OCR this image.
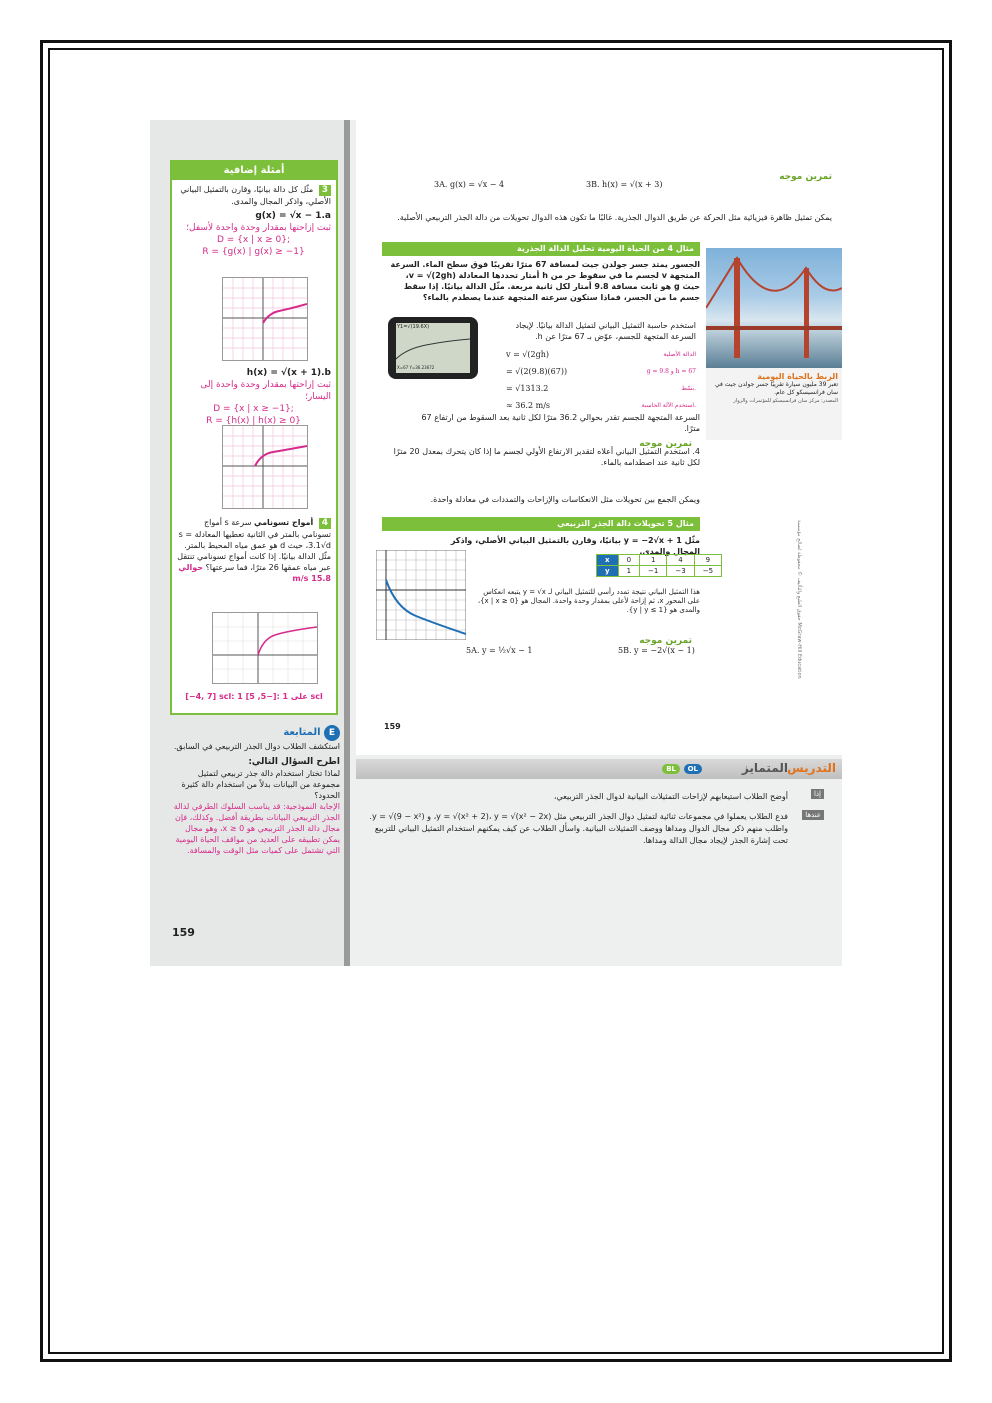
أمثلة إضافية
3 مثّل كل دالة بيانيًا، وقارن بالتمثيل البياني الأصلي، واذكر المجال والمدى.
g(x) = √x − 1.a
ثبت إزاحتها بمقدار وحدة واحدة لأسفل؛
D = {x | x ≥ 0};
R = {g(x) | g(x) ≥ −1}
h(x) = √(x + 1).b
ثبت إزاحتها بمقدار وحدة واحدة إلى اليسار؛
D = {x | x ≥ −1};
R = {h(x) | h(x) ≥ 0}
4 أمواج تسونامي سرعة s أمواج تسونامي بالمتر في الثانية تعطيها المعادلة s = 3.1√d، حيث d هو عمق مياه المحيط بالمتر. مثّل الدالة بيانيًا. إذا كانت أمواج تسونامي تنتقل عبر مياه عمقها 26 مترًا، فما سرعتها؟ حوالي 15.8 m/s
[−4, 7] scl: 1 على 1 :[−5, 5] scl
E المتابعة
استكشف الطلاب دوال الجذر التربيعي في السابق.
اطرح السؤال التالي:
لماذا تختار استخدام دالة جذر تربيعي لتمثيل مجموعة من البيانات بدلاً من استخدام دالة كثيرة الحدود؟
الإجابة النموذجية: قد يناسب السلوك الطرفي لدالة الجذر التربيعي البيانات بطريقة أفضل. وكذلك، فإن مجال دالة الجذر التربيعي هو x ≥ 0، وهو مجال يمكن تطبيقه على العديد من مواقف الحياة اليومية التي تشتمل على كميات مثل الوقت والمسافة.
159
تمرين موجه
3A. g(x) = √x − 4	3B. h(x) = √(x + 3)
يمكن تمثيل ظاهرة فيزيائية مثل الحركة عن طريق الدوال الجذرية. غالبًا ما تكون هذه الدوال تحويلات من دالة الجذر التربيعي الأصلية.
مثال 4 من الحياة اليومية تحليل الدالة الجذرية
الجسور يمتد جسر جولدن جيت لمسافة 67 مترًا تقريبًا فوق سطح الماء. السرعة المتجهة v لجسم ما في سقوط حر من h أمتار تحددها المعادلة v = √(2gh)، حيث g هو ثابت مسافة 9.8 أمتار لكل ثانية مربعة. مثّل الدالة بيانيًا. إذا سقط جسم ما من الجسر، فماذا ستكون سرعته المتجهة عندما يصطدم بالماء؟
Y1=√(19.6X)
X=67 Y=36.23672
استخدم حاسبة التمثيل البياني لتمثيل الدالة بيانيًا. لإيجاد السرعة المتجهة للجسم، عوّض بـ 67 مترًا عن h.
v = √(2gh)	الدالة الأصلية
= √(2(9.8)(67))	g = 9.8 و h = 67
= √1313.2	بسّط.
≈ 36.2 m/s	استخدم الآلة الحاسبة.
السرعة المتجهة للجسم تقدر بحوالي 36.2 مترًا لكل ثانية بعد السقوط من ارتفاع 67 مترًا.
الربط بالحياة اليومية
تعبر 39 مليون سيارة تقريبًا جسر جولدن جيت في سان فرانسيسكو كل عام.
المصدر: مركز سان فرانسيسكو للمؤتمرات والزوار
تمرين موجه
4. استخدم التمثيل البياني أعلاه لتقدير الارتفاع الأولي لجسم ما إذا كان يتحرك بمعدل 20 مترًا لكل ثانية عند اصطدامه بالماء.
ويمكن الجمع بين تحويلات مثل الانعكاسات والإزاحات والتمددات في معادلة واحدة.
مثال 5 تحويلات دالة الجذر التربيعي
مثّل y = −2√x + 1 بيانيًا، وقارن بالتمثيل البياني الأصلي، واذكر المجال والمدى.
x	0	1	4	9
y	1	−1	−3	−5
هذا التمثيل البياني نتيجة تمدد رأسي للتمثيل البياني لـ y = √x يتبعه انعكاس على المحور x، ثم إزاحة لأعلى بمقدار وحدة واحدة. المجال هو {x | x ≥ 0}، والمدى هو {y | y ≤ 1}.
تمرين موجه
5A. y = ½√x − 1	5B. y = −2√(x − 1)
159
حقوق الطبع والتأليف © محفوظة لصالح مؤسسة McGraw-Hill Education
المتمايز التدريس
OL
BL
أوضح الطلاب استيعابهم لإزاحات التمثيلات البيانية لدوال الجذر التربيعي،	إذا
فدع الطلاب يعملوا في مجموعات ثنائية لتمثيل دوال الجذر التربيعي مثل y = √(x² + 2)، y = √(x² − 2x)، و y = √(9 − x²). واطلب منهم ذكر مجال الدوال ومداها ووصف التمثيلات البيانية. واسأل الطلاب عن كيف يمكنهم استخدام التمثيل البياني للتربيع تحت إشارة الجذر لإيجاد مجال الدالة ومداها.
عندها
